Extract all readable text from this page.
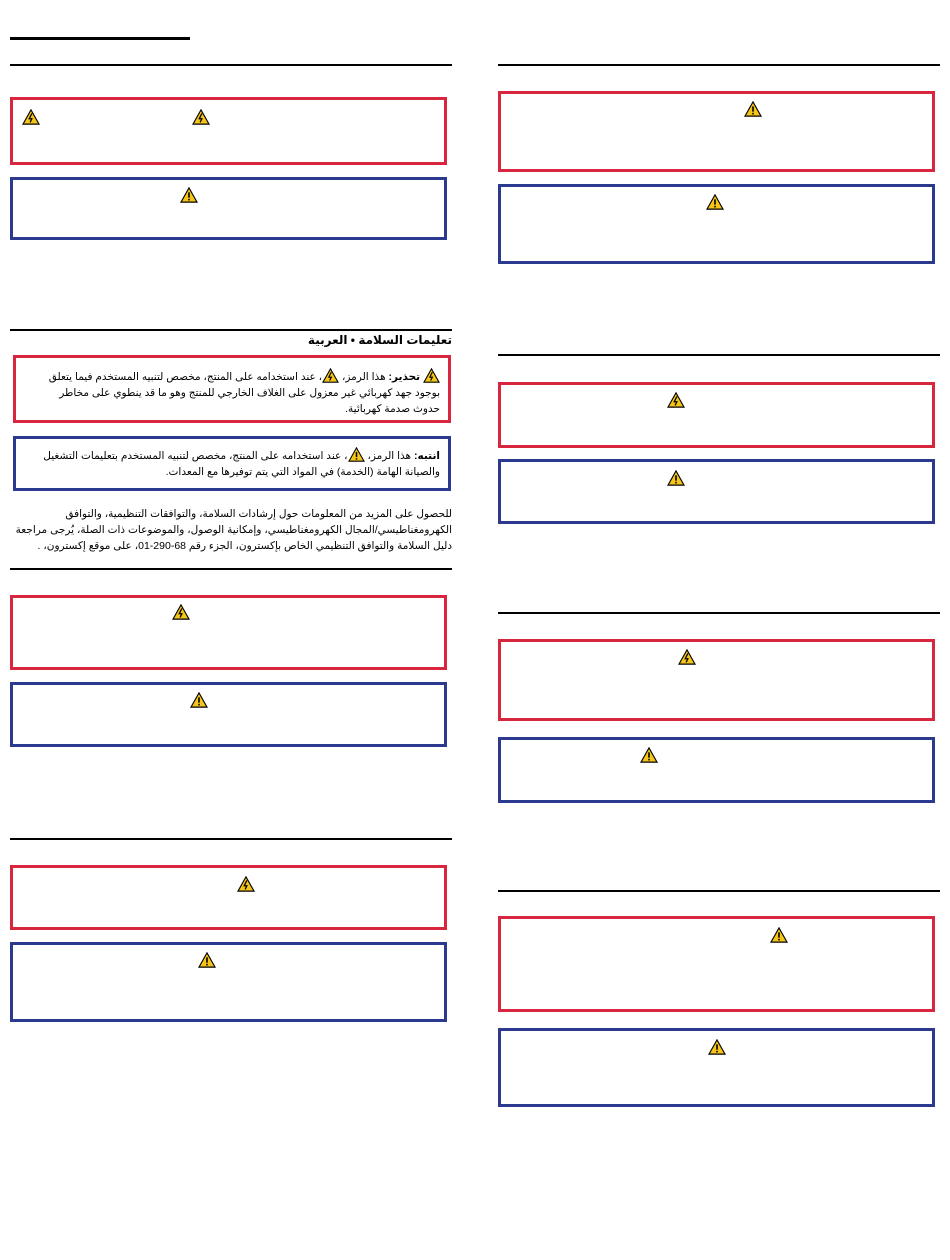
تعليمات السلامة • العربية
تحذير: هذا الرمز،
، عند استخدامه على المنتج، مخصص لتنبيه المستخدم فيما يتعلق بوجود جهد كهربائي غير معزول على الغلاف الخارجي للمنتج وهو ما قد ينطوي على مخاطر حدوث صدمة كهربائية.
انتبه: هذا الرمز،
، عند استخدامه على المنتج، مخصص لتنبيه المستخدم بتعليمات التشغيل والصيانة الهامة (الخدمة) في المواد التي يتم توفيرها مع المعدات.
للحصول على المزيد من المعلومات حول إرشادات السلامة، والتوافقات التنظيمية، والتوافق الكهرومغناطيسي/المجال الكهرومغناطيسي، وإمكانية الوصول، والموضوعات ذات الصلة، يُرجى مراجعة دليل السلامة والتوافق التنظيمي الخاص بإكسترون، الجزء رقم 68-290-01، على موقع إكسترون، .
